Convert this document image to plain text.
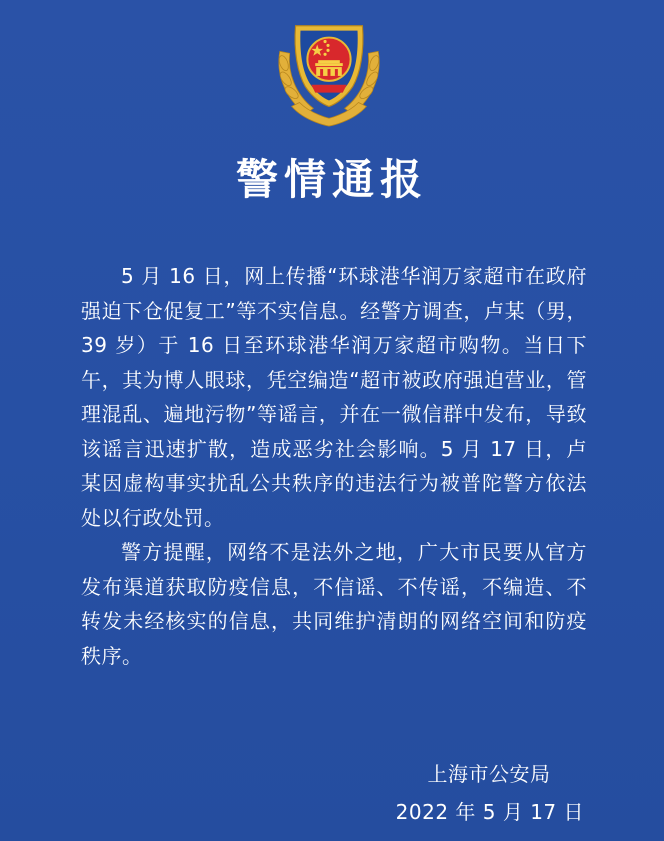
警情通报

5 月 16 日，网上传播“环球港华润万家超市在政府强迫下仓促复工”等不实信息。经警方调查，卢某（男，39 岁）于 16 日至环球港华润万家超市购物。当日下午，其为博人眼球，凭空编造“超市被政府强迫营业，管理混乱、遍地污物”等谣言，并在一微信群中发布，导致该谣言迅速扩散，造成恶劣社会影响。5 月 17 日，卢某因虚构事实扰乱公共秩序的违法行为被普陀警方依法处以行政处罚。

警方提醒，网络不是法外之地，广大市民要从官方发布渠道获取防疫信息，不信谣、不传谣，不编造、不转发未经核实的信息，共同维护清朗的网络空间和防疫秩序。

上海市公安局
2022 年 5 月 17 日
